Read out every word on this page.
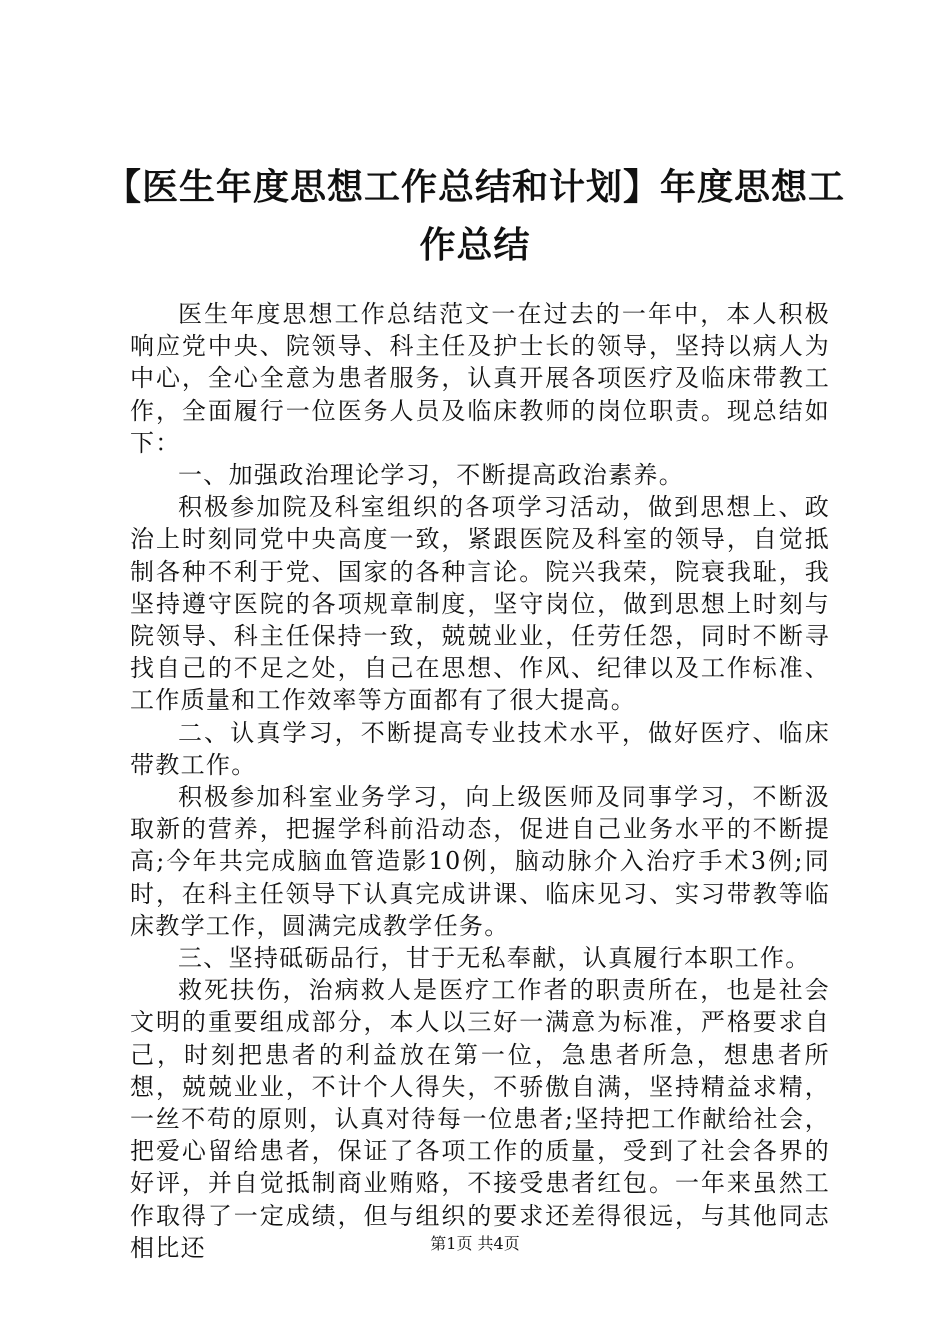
【医生年度思想工作总结和计划】年度思想工作总结

医生年度思想工作总结范文一在过去的一年中，本人积极响应党中央、院领导、科主任及护士长的领导，坚持以病人为中心，全心全意为患者服务，认真开展各项医疗及临床带教工作，全面履行一位医务人员及临床教师的岗位职责。现总结如下：

一、加强政治理论学习，不断提高政治素养。

积极参加院及科室组织的各项学习活动，做到思想上、政治上时刻同党中央高度一致，紧跟医院及科室的领导，自觉抵制各种不利于党、国家的各种言论。院兴我荣，院衰我耻，我坚持遵守医院的各项规章制度，坚守岗位，做到思想上时刻与院领导、科主任保持一致，兢兢业业，任劳任怨，同时不断寻找自己的不足之处，自己在思想、作风、纪律以及工作标准、工作质量和工作效率等方面都有了很大提高。

二、认真学习，不断提高专业技术水平，做好医疗、临床带教工作。

积极参加科室业务学习，向上级医师及同事学习，不断汲取新的营养，把握学科前沿动态，促进自己业务水平的不断提高;今年共完成脑血管造影10例，脑动脉介入治疗手术3例;同时，在科主任领导下认真完成讲课、临床见习、实习带教等临床教学工作，圆满完成教学任务。

三、坚持砥砺品行，甘于无私奉献，认真履行本职工作。

救死扶伤，治病救人是医疗工作者的职责所在，也是社会文明的重要组成部分，本人以三好一满意为标准，严格要求自己，时刻把患者的利益放在第一位，急患者所急，想患者所想，兢兢业业，不计个人得失，不骄傲自满，坚持精益求精，一丝不苟的原则，认真对待每一位患者;坚持把工作献给社会，把爱心留给患者，保证了各项工作的质量，受到了社会各界的好评，并自觉抵制商业贿赂，不接受患者红包。一年来虽然工作取得了一定成绩，但与组织的要求还差得很远，与其他同志相比还	第1页 共4页
